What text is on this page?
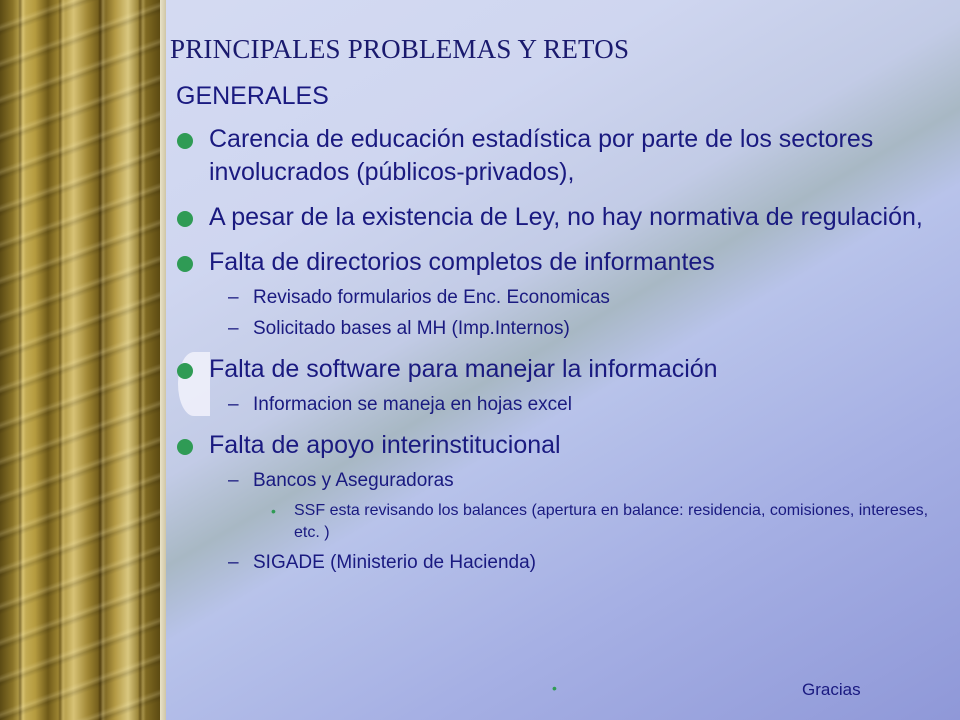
PRINCIPALES PROBLEMAS Y RETOS
GENERALES
Carencia de educación estadística por parte de los sectores involucrados (públicos-privados),
A pesar de la existencia de Ley, no hay normativa de regulación,
Falta de directorios completos de informantes
– Revisado formularios de Enc. Economicas
– Solicitado bases al MH (Imp.Internos)
Falta de software para manejar la información
– Informacion se maneja en hojas excel
Falta de apoyo interinstitucional
– Bancos y Aseguradoras
• SSF esta revisando los balances (apertura en balance: residencia, comisiones, intereses, etc. )
– SIGADE (Ministerio de Hacienda)
•	Gracias
